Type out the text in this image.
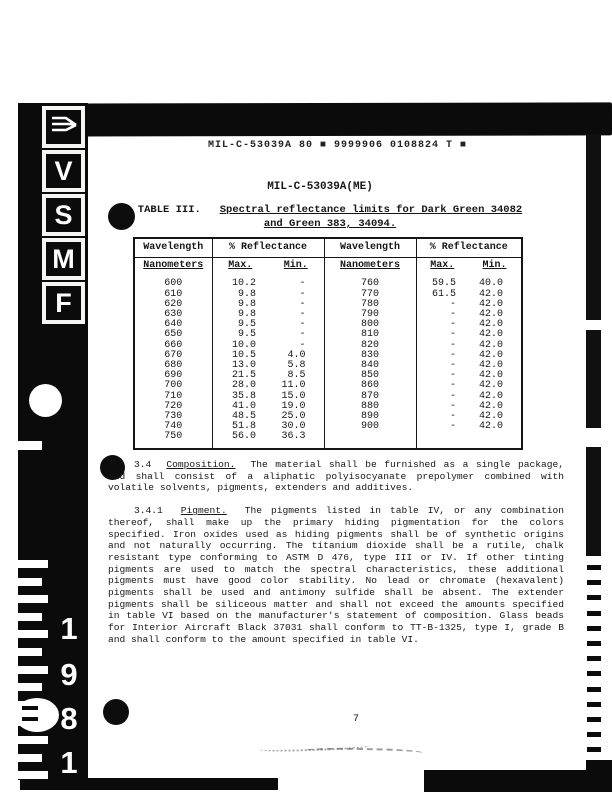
V
S
M
F
1
9
8
1
MIL-C-53039A 80 ■ 9999906 0108824 T ■
MIL-C-53039A(ME)
TABLE III. Spectral reflectance limits for Dark Green 34082
and Green 383, 34094.
Wavelength	% Reflectance		Wavelength	% Reflectance	
Nanometers	Max.	Min.	Nanometers	Max.	Min.
600	10.2	-	760	59.5	40.0
610	9.8	-	770	61.5	42.0
620	9.8	-	780	-	42.0
630	9.8	-	790	-	42.0
640	9.5	-	800	-	42.0
650	9.5	-	810	-	42.0
660	10.0	-	820	-	42.0
670	10.5	4.0	830	-	42.0
680	13.0	5.8	840	-	42.0
690	21.5	8.5	850	-	42.0
700	28.0	11.0	860	-	42.0
710	35.8	15.0	870	-	42.0
720	41.0	19.0	880	-	42.0
730	48.5	25.0	890	-	42.0
740	51.8	30.0	900	-	42.0
750	56.0	36.3			
3.4 Composition. The material shall be furnished as a single package, and shall consist of a aliphatic polyisocyanate prepolymer combined with volatile solvents, pigments, extenders and additives.
3.4.1 Pigment. The pigments listed in table IV, or any combination thereof, shall make up the primary hiding pigmentation for the colors specified. Iron oxides used as hiding pigments shall be of synthetic origins and not naturally occurring. The titanium dioxide shall be a rutile, chalk resistant type conforming to ASTM D 476, type III or IV. If other tinting pigments are used to match the spectral characteristics, these additional pigments must have good color stability. No lead or chromate (hexavalent) pigments shall be used and antimony sulfide shall be absent. The extender pigments shall be siliceous matter and shall not exceed the amounts specified in table VI based on the manufacturer's statement of composition. Glass beads for Interior Aircraft Black 37031 shall conform to TT-B-1325, type I, grade B and shall conform to the amount specified in table VI.
7
